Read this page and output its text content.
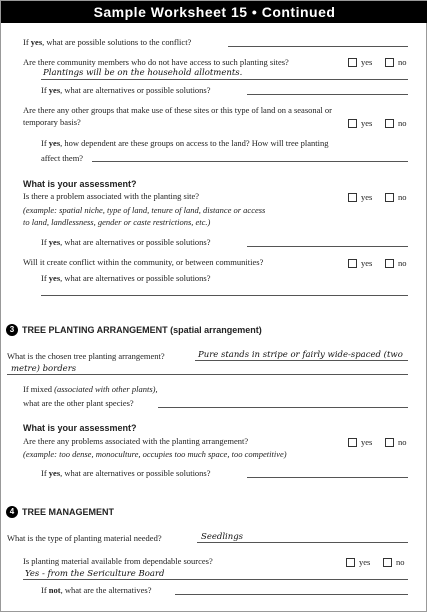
Sample Worksheet 15 • Continued
If yes, what are possible solutions to the conflict?
Are there community members who do not have access to such planting sites?	yes	no
Plantings will be on the household allotments.
If yes, what are alternatives or possible solutions?
Are there any other groups that make use of these sites or this type of land on a seasonal or
temporary basis?	yes	no
If yes, how dependent are these groups on access to the land? How will tree planting
affect them?
What is your assessment?
Is there a problem associated with the planting site?	yes	no
(example: spatial niche, type of land, tenure of land, distance or access
to land, landlessness, gender or caste restrictions, etc.)
If yes, what are alternatives or possible solutions?
Will it create conflict within the community, or between communities?	yes	no
If yes, what are alternatives or possible solutions?
3 TREE PLANTING ARRANGEMENT (spatial arrangement)
What is the chosen tree planting arrangement?	Pure stands in stripe or fairly wide-spaced (two
metre) borders
If mixed (associated with other plants),
what are the other plant species?
What is your assessment?
Are there any problems associated with the planting arrangement?	yes	no
(example: too dense, monoculture, occupies too much space, too competitive)
If yes, what are alternatives or possible solutions?
4 TREE MANAGEMENT
What is the type of planting material needed?	Seedlings
Is planting material available from dependable sources?	yes	no
Yes - from the Sericulture Board
If not, what are the alternatives?
